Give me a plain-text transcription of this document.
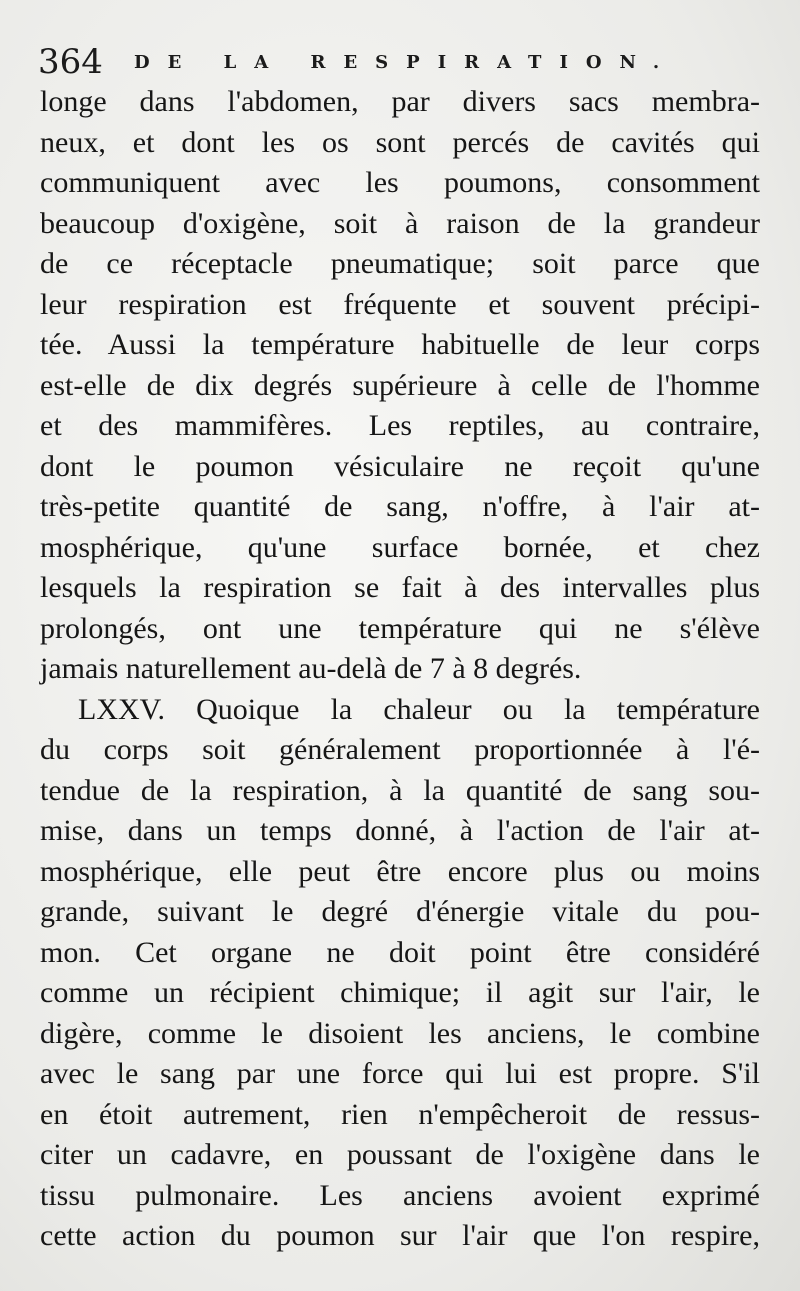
364 DE LA RESPIRATION.
longe dans l'abdomen, par divers sacs membra-
neux, et dont les os sont percés de cavités qui
communiquent avec les poumons, consomment
beaucoup d'oxigène, soit à raison de la grandeur
de ce réceptacle pneumatique; soit parce que
leur respiration est fréquente et souvent précipi-
tée. Aussi la température habituelle de leur corps
est-elle de dix degrés supérieure à celle de l'homme
et des mammifères. Les reptiles, au contraire,
dont le poumon vésiculaire ne reçoit qu'une
très-petite quantité de sang, n'offre, à l'air at-
mosphérique, qu'une surface bornée, et chez
lesquels la respiration se fait à des intervalles plus
prolongés, ont une température qui ne s'élève
jamais naturellement au-delà de 7 à 8 degrés.
LXXV. Quoique la chaleur ou la température
du corps soit généralement proportionnée à l'é-
tendue de la respiration, à la quantité de sang sou-
mise, dans un temps donné, à l'action de l'air at-
mosphérique, elle peut être encore plus ou moins
grande, suivant le degré d'énergie vitale du pou-
mon. Cet organe ne doit point être considéré
comme un récipient chimique; il agit sur l'air, le
digère, comme le disoient les anciens, le combine
avec le sang par une force qui lui est propre. S'il
en étoit autrement, rien n'empêcheroit de ressus-
citer un cadavre, en poussant de l'oxigène dans le
tissu pulmonaire. Les anciens avoient exprimé
cette action du poumon sur l'air que l'on respire,
